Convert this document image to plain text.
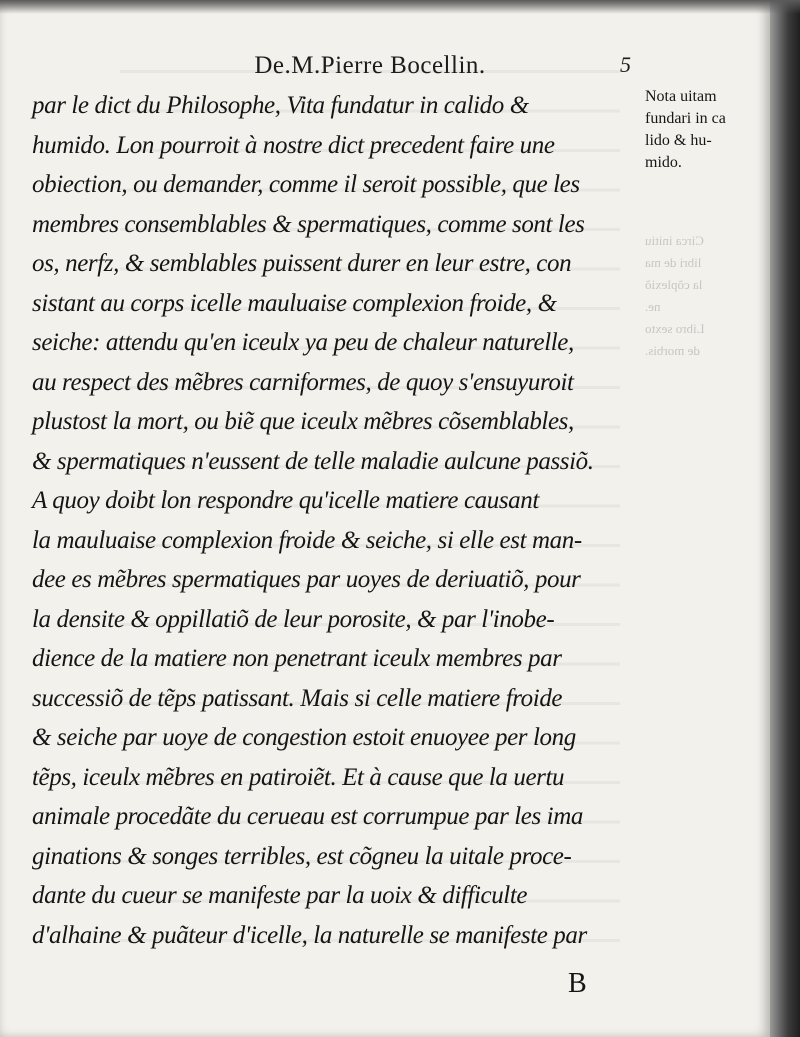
De.M.Pierre Bocellin.	5
par le dict du Philosophe, Vita fundatur in calido &
humido. Lon pourroit à nostre dict precedent faire une
obiection, ou demander, comme il seroit possible, que les
membres consemblables & spermatiques, comme sont les
os, nerfz, & semblables puissent durer en leur estre, con
sistant au corps icelle mauluaise complexion froide, &
seiche: attendu qu'en iceulx ya peu de chaleur naturelle,
au respect des mẽbres carniformes, de quoy s'ensuyuroit
plustost la mort, ou biẽ que iceulx mẽbres cõsemblables,
& spermatiques n'eussent de telle maladie aulcune passiõ.
A quoy doibt lon respondre qu'icelle matiere causant
la mauluaise complexion froide & seiche, si elle est man-
dee es mẽbres spermatiques par uoyes de deriuatiõ, pour
la densite & oppillatiõ de leur porosite, & par l'inobe-
dience de la matiere non penetrant iceulx membres par
successiõ de tẽps patissant. Mais si celle matiere froide
& seiche par uoye de congestion estoit enuoyee per long
tẽps, iceulx mẽbres en patiroiẽt. Et à cause que la uertu
animale procedãte du cerueau est corrumpue par les ima
ginations & songes terribles, est cõgneu la uitale proce-
dante du cueur se manifeste par la uoix & difficulte
d'alhaine & puãteur d'icelle, la naturelle se manifeste par
Nota uitam
fundari in ca
lido & hu-
mido.
Circa initiu
libri de ma
la cõplexiõ
ne.
Libro sexto
de morbis.
B
